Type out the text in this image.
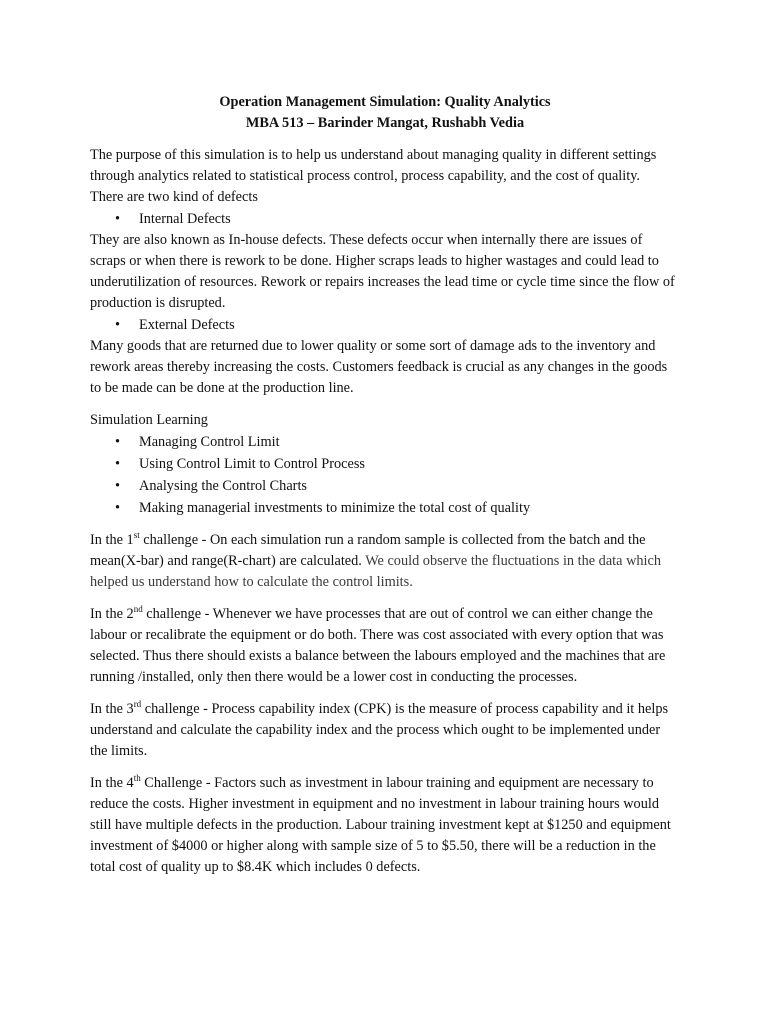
Operation Management Simulation: Quality Analytics
MBA 513 – Barinder Mangat, Rushabh Vedia

The purpose of this simulation is to help us understand about managing quality in different settings through analytics related to statistical process control, process capability, and the cost of quality.

There are two kind of defects

• Internal Defects

They are also known as In-house defects. These defects occur when internally there are issues of scraps or when there is rework to be done. Higher scraps leads to higher wastages and could lead to underutilization of resources. Rework or repairs increases the lead time or cycle time since the flow of production is disrupted.

• External Defects

Many goods that are returned due to lower quality or some sort of damage ads to the inventory and rework areas thereby increasing the costs. Customers feedback is crucial as any changes in the goods to be made can be done at the production line.

Simulation Learning

• Managing Control Limit
• Using Control Limit to Control Process
• Analysing the Control Charts
• Making managerial investments to minimize the total cost of quality

In the 1st challenge - On each simulation run a random sample is collected from the batch and the mean(X-bar) and range(R-chart) are calculated. We could observe the fluctuations in the data which helped us understand how to calculate the control limits.

In the 2nd challenge - Whenever we have processes that are out of control we can either change the labour or recalibrate the equipment or do both. There was cost associated with every option that was selected. Thus there should exists a balance between the labours employed and the machines that are running /installed, only then there would be a lower cost in conducting the processes.

In the 3rd challenge - Process capability index (CPK) is the measure of process capability and it helps understand and calculate the capability index and the process which ought to be implemented under the limits.

In the 4th Challenge - Factors such as investment in labour training and equipment are necessary to reduce the costs. Higher investment in equipment and no investment in labour training hours would still have multiple defects in the production. Labour training investment kept at $1250 and equipment investment of $4000 or higher along with sample size of 5 to $5.50, there will be a reduction in the total cost of quality up to $8.4K which includes 0 defects.
